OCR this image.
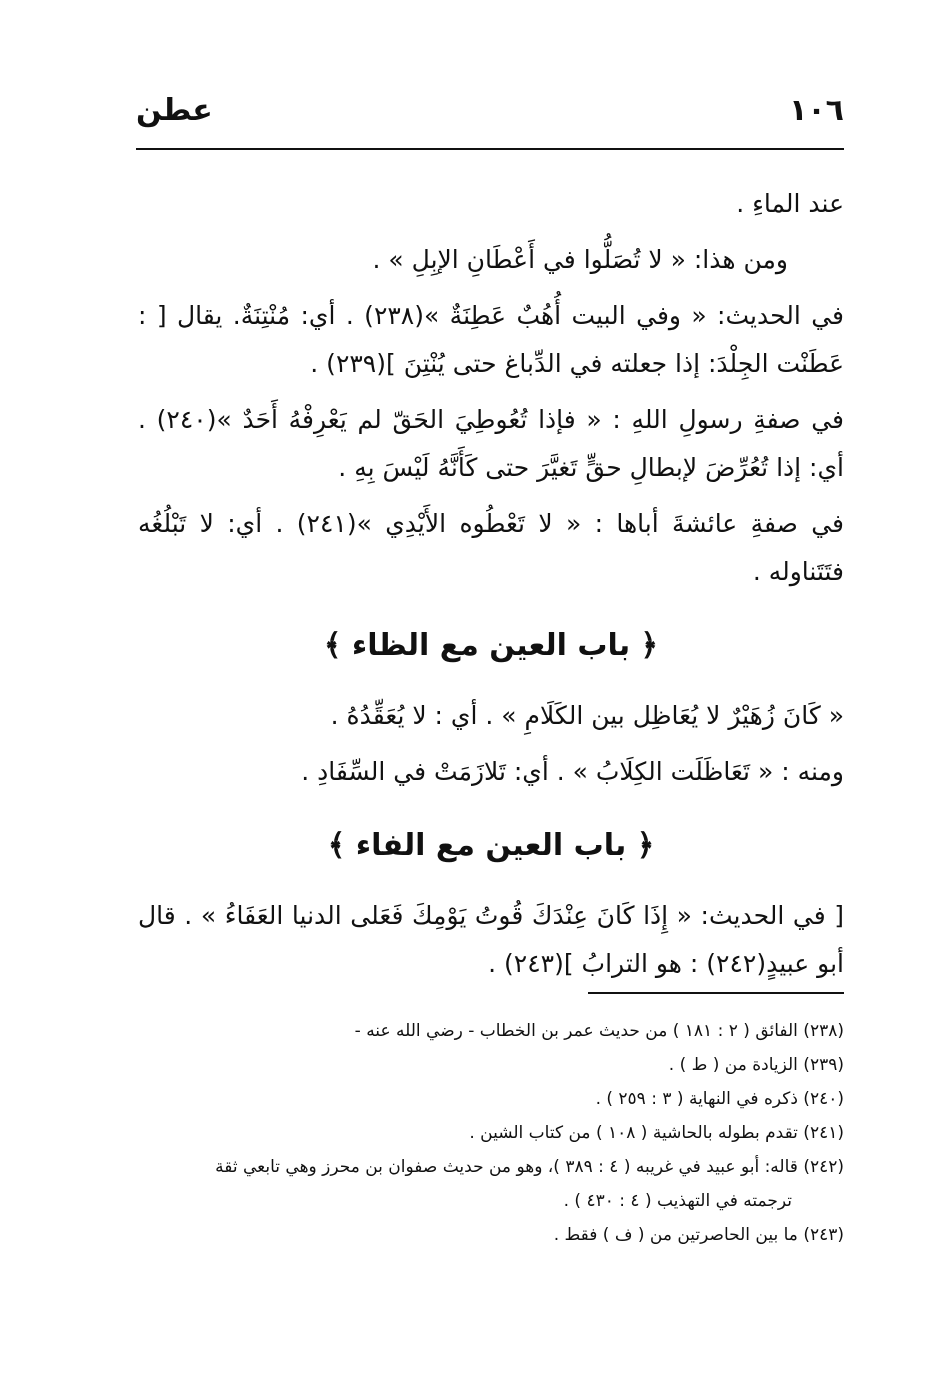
١٠٦
عطن

عند الماءِ .

ومن هذا: « لا تُصَلُّوا في أَعْطَانِ الإبِلِ » .

في الحديث: « وفي البيت أُهُبٌ عَطِنَةٌ »(٢٣٨) . أي: مُنْتِنَةٌ. يقال [ : عَطَنْت الجِلْدَ: إذا جعلته في الدِّباغ حتى يُنْتِنَ ](٢٣٩) .

في صفةِ رسولِ اللهِ : « فإذا تُعُوطِيَ الحَقّ لم يَعْرِفْهُ أَحَدٌ »(٢٤٠) . أي: إذا تُعُرِّضَ لإبطالِ حقٍّ تَغيَّرَ حتى كَأَنَّهُ لَيْسَ بِهِ .

في صفةِ عائشةَ أباها : « لا تَعْطُوه الأَيْدِي »(٢٤١) . أي: لا تَبْلُغُه فتَتَناوله .

﴿ باب العين مع الظاء ﴾

« كَانَ زُهَيْرٌ لا يُعَاظِل بين الكَلَامِ » . أي : لا يُعَقِّدُهُ .

ومنه : « تَعَاظَلَت الكِلَابُ » . أي: تَلازَمَتْ في السِّفَادِ .

﴿ باب العين مع الفاء ﴾

[ في الحديث: « إِذَا كَانَ عِنْدَكَ قُوتُ يَوْمِكَ فَعَلى الدنيا العَفَاءُ » . قال أبو عبيدٍ(٢٤٢) : هو الترابُ ](٢٤٣) .

(٢٣٨) الفائق ( ٢ : ١٨١ ) من حديث عمر بن الخطاب - رضي الله عنه -

(٢٣٩) الزيادة من ( ط ) .

(٢٤٠) ذكره في النهاية ( ٣ : ٢٥٩ ) .

(٢٤١) تقدم بطوله بالحاشية ( ١٠٨ ) من كتاب الشين .

(٢٤٢) قاله: أبو عبيد في غريبه ( ٤ : ٣٨٩ )، وهو من حديث صفوان بن محرز وهي تابعي ثقة

ترجمته في التهذيب ( ٤ : ٤٣٠ ) .

(٢٤٣) ما بين الحاصرتين من ( ف ) فقط .
